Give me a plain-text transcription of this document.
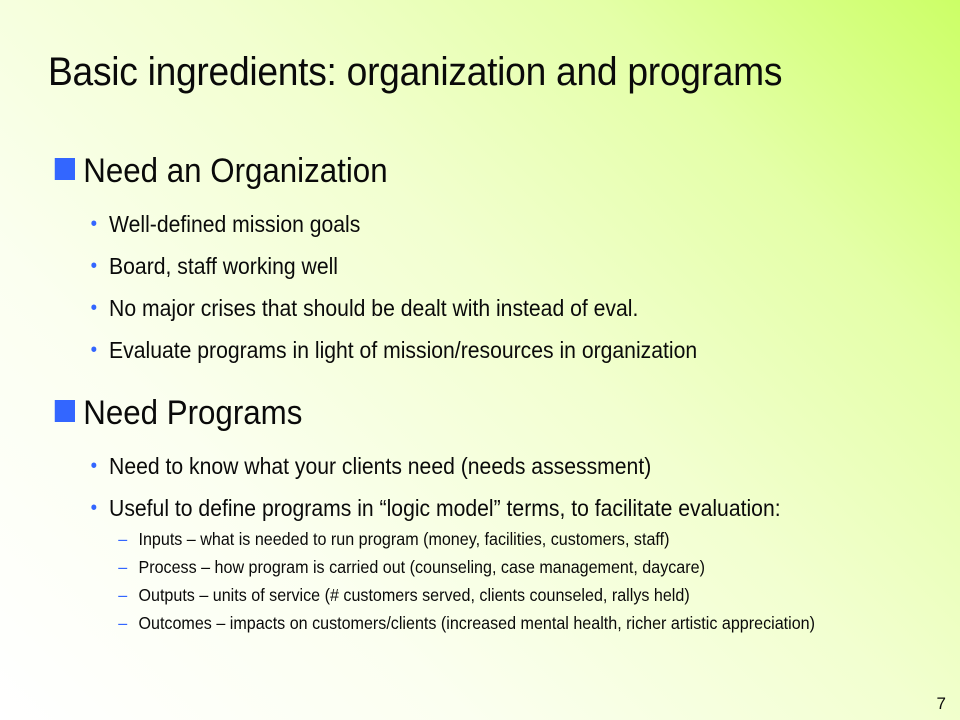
Basic ingredients: organization and programs
Need an Organization
• Well-defined mission goals
• Board, staff working well
• No major crises that should be dealt with instead of eval.
• Evaluate programs in light of mission/resources in organization
Need Programs
• Need to know what your clients need (needs assessment)
• Useful to define programs in “logic model” terms, to facilitate evaluation:
– Inputs – what is needed to run program (money, facilities, customers, staff)
– Process – how program is carried out (counseling, case management, daycare)
– Outputs – units of service (# customers served, clients counseled, rallys held)
– Outcomes – impacts on customers/clients (increased mental health, richer artistic appreciation)
7
